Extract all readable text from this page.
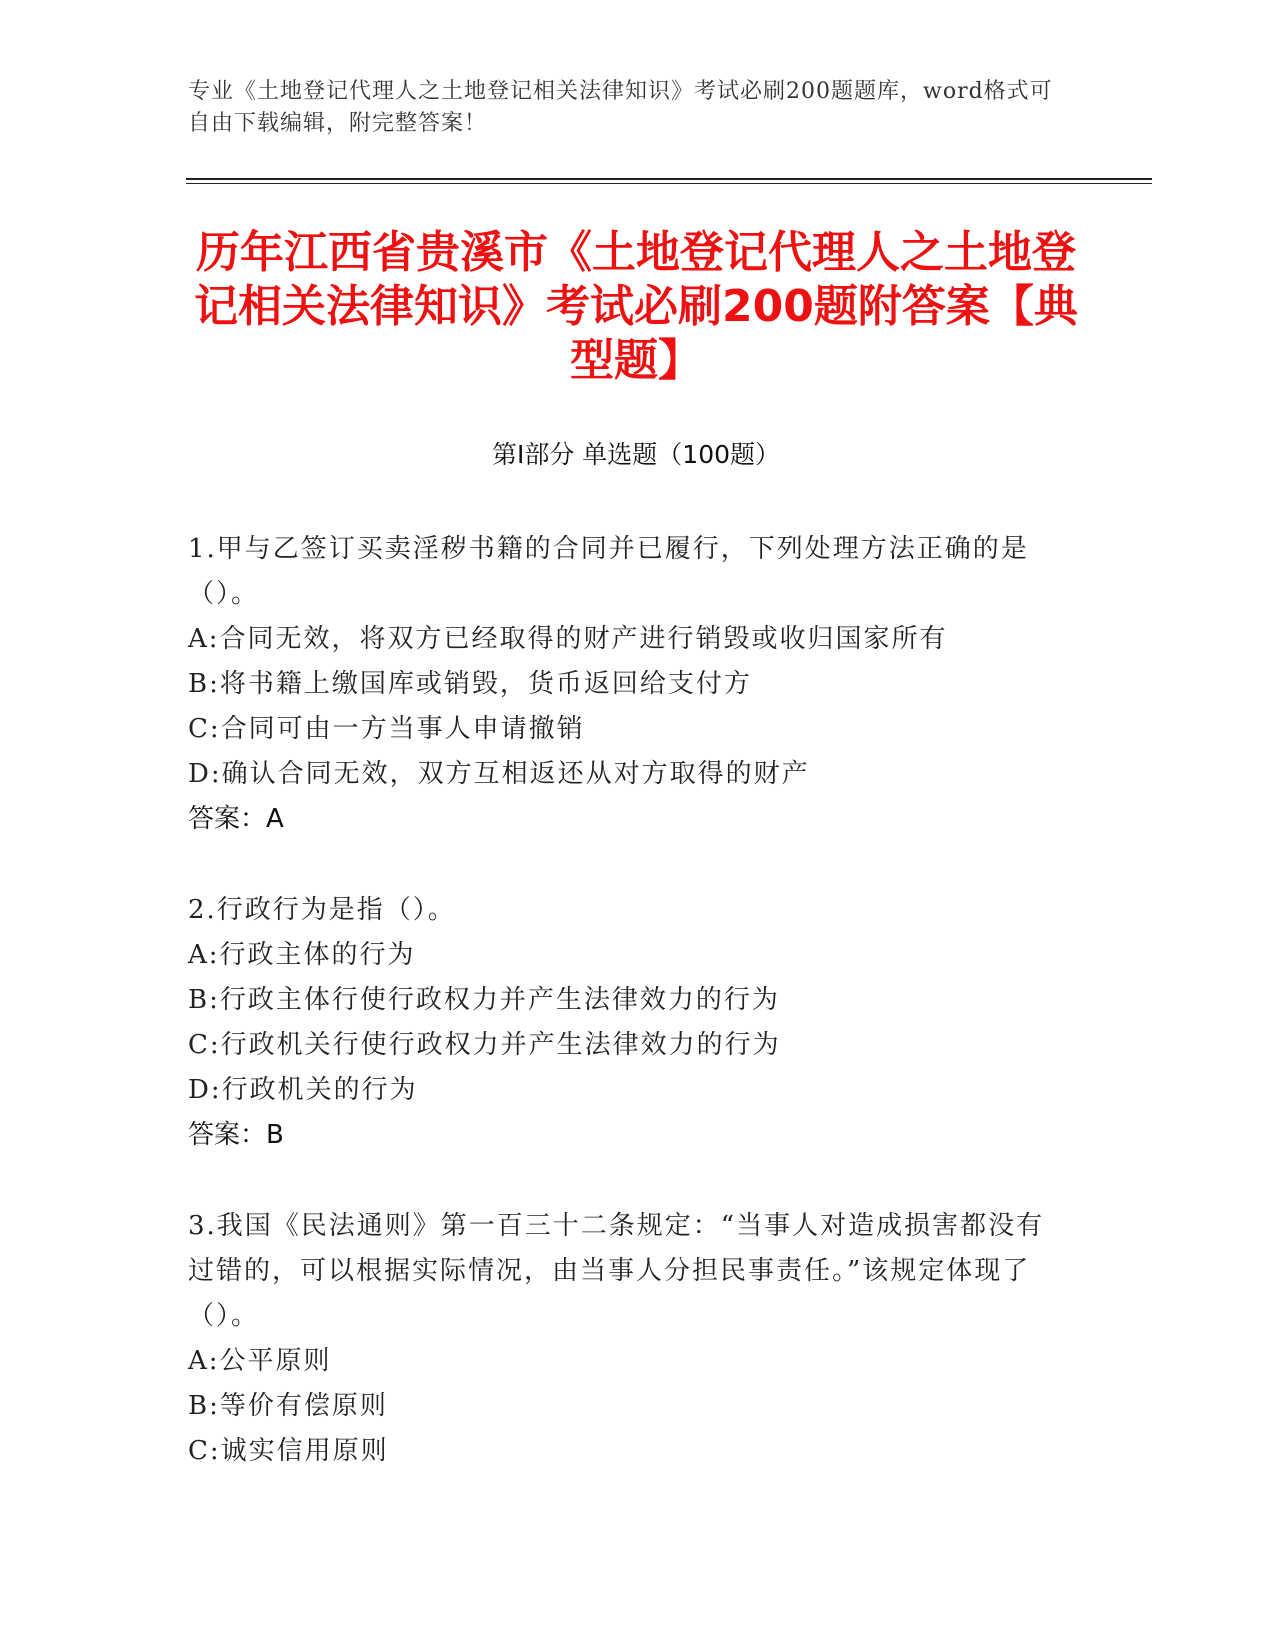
专业《土地登记代理人之土地登记相关法律知识》考试必刷200题题库，word格式可自由下载编辑，附完整答案！
历年江西省贵溪市《土地登记代理人之土地登记相关法律知识》考试必刷200题附答案【典型题】
第I部分 单选题（100题）

1.甲与乙签订买卖淫秽书籍的合同并已履行，下列处理方法正确的是（）。

A:合同无效，将双方已经取得的财产进行销毁或收归国家所有

B:将书籍上缴国库或销毁，货币返回给支付方

C:合同可由一方当事人申请撤销

D:确认合同无效，双方互相返还从对方取得的财产

答案：A

2.行政行为是指（）。

A:行政主体的行为

B:行政主体行使行政权力并产生法律效力的行为

C:行政机关行使行政权力并产生法律效力的行为

D:行政机关的行为

答案：B

3.我国《民法通则》第一百三十二条规定：“当事人对造成损害都没有过错的，可以根据实际情况，由当事人分担民事责任。”该规定体现了（）。

A:公平原则

B:等价有偿原则

C:诚实信用原则
